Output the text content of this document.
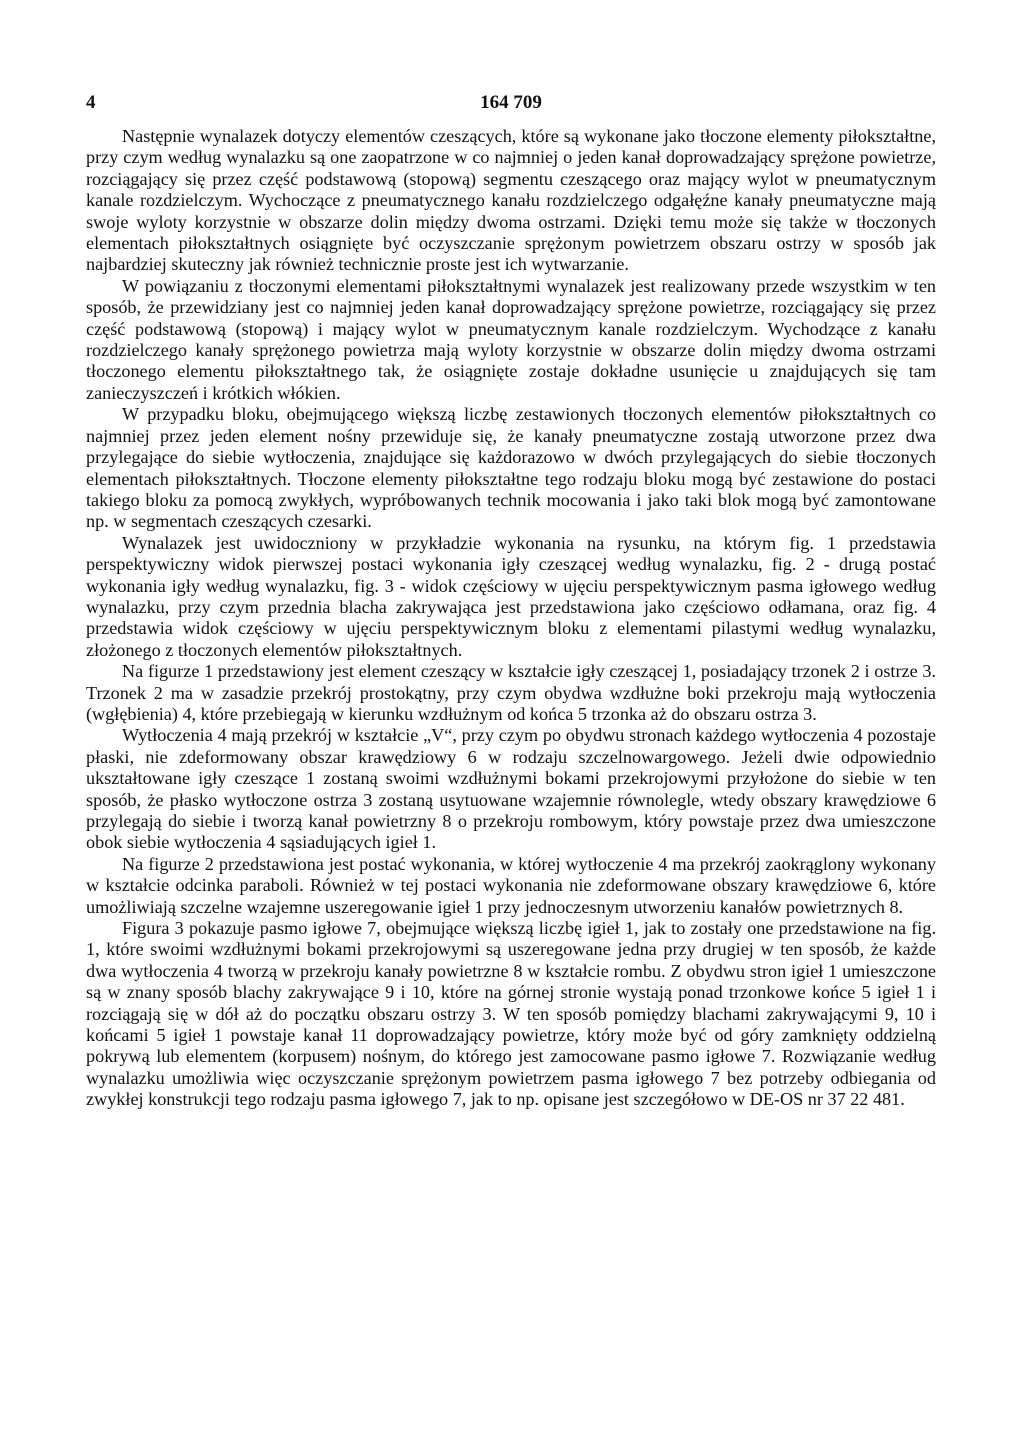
4	164 709

Następnie wynalazek dotyczy elementów czeszących, które są wykonane jako tłoczone elementy piłokształtne, przy czym według wynalazku są one zaopatrzone w co najmniej o jeden kanał doprowadzający sprężone powietrze, rozciągający się przez część podstawową (stopową) segmentu czeszącego oraz mający wylot w pneumatycznym kanale rozdzielczym. Wychoczące z pneumatycznego kanału rozdzielczego odgałęźne kanały pneumatyczne mają swoje wyloty korzystnie w obszarze dolin między dwoma ostrzami. Dzięki temu może się także w tłoczonych elementach piłokształtnych osiągnięte być oczyszczanie sprężonym powietrzem obszaru ostrzy w sposób jak najbardziej skuteczny jak również technicznie proste jest ich wytwarzanie.

W powiązaniu z tłoczonymi elementami piłokształtnymi wynalazek jest realizowany przede wszystkim w ten sposób, że przewidziany jest co najmniej jeden kanał doprowadzający sprężone powietrze, rozciągający się przez część podstawową (stopową) i mający wylot w pneumatycznym kanale rozdzielczym. Wychodzące z kanału rozdzielczego kanały sprężonego powietrza mają wyloty korzystnie w obszarze dolin między dwoma ostrzami tłoczonego elementu piłokształtnego tak, że osiągnięte zostaje dokładne usunięcie u znajdujących się tam zanieczyszczeń i krótkich włókien.

W przypadku bloku, obejmującego większą liczbę zestawionych tłoczonych elementów piłokształtnych co najmniej przez jeden element nośny przewiduje się, że kanały pneumatyczne zostają utworzone przez dwa przylegające do siebie wytłoczenia, znajdujące się każdorazowo w dwóch przylegających do siebie tłoczonych elementach piłokształtnych. Tłoczone elementy piłokształtne tego rodzaju bloku mogą być zestawione do postaci takiego bloku za pomocą zwykłych, wypróbowanych technik mocowania i jako taki blok mogą być zamontowane np. w segmentach czeszących czesarki.

Wynalazek jest uwidoczniony w przykładzie wykonania na rysunku, na którym fig. 1 przedstawia perspektywiczny widok pierwszej postaci wykonania igły czeszącej według wynalazku, fig. 2 - drugą postać wykonania igły według wynalazku, fig. 3 - widok częściowy w ujęciu perspektywicznym pasma igłowego według wynalazku, przy czym przednia blacha zakrywająca jest przedstawiona jako częściowo odłamana, oraz fig. 4 przedstawia widok częściowy w ujęciu perspektywicznym bloku z elementami pilastymi według wynalazku, złożonego z tłoczonych elementów piłokształtnych.

Na figurze 1 przedstawiony jest element czeszący w kształcie igły czeszącej 1, posiadający trzonek 2 i ostrze 3. Trzonek 2 ma w zasadzie przekrój prostokątny, przy czym obydwa wzdłużne boki przekroju mają wytłoczenia (wgłębienia) 4, które przebiegają w kierunku wzdłużnym od końca 5 trzonka aż do obszaru ostrza 3.

Wytłoczenia 4 mają przekrój w kształcie „V“, przy czym po obydwu stronach każdego wytłoczenia 4 pozostaje płaski, nie zdeformowany obszar krawędziowy 6 w rodzaju szczelnowargowego. Jeżeli dwie odpowiednio ukształtowane igły czeszące 1 zostaną swoimi wzdłużnymi bokami przekrojowymi przyłożone do siebie w ten sposób, że płasko wytłoczone ostrza 3 zostaną usytuowane wzajemnie równolegle, wtedy obszary krawędziowe 6 przylegają do siebie i tworzą kanał powietrzny 8 o przekroju rombowym, który powstaje przez dwa umieszczone obok siebie wytłoczenia 4 sąsiadujących igieł 1.

Na figurze 2 przedstawiona jest postać wykonania, w której wytłoczenie 4 ma przekrój zaokrąglony wykonany w kształcie odcinka paraboli. Również w tej postaci wykonania nie zdeformowane obszary krawędziowe 6, które umożliwiają szczelne wzajemne uszeregowanie igieł 1 przy jednoczesnym utworzeniu kanałów powietrznych 8.

Figura 3 pokazuje pasmo igłowe 7, obejmujące większą liczbę igieł 1, jak to zostały one przedstawione na fig. 1, które swoimi wzdłużnymi bokami przekrojowymi są uszeregowane jedna przy drugiej w ten sposób, że każde dwa wytłoczenia 4 tworzą w przekroju kanały powietrzne 8 w kształcie rombu. Z obydwu stron igieł 1 umieszczone są w znany sposób blachy zakrywające 9 i 10, które na górnej stronie wystają ponad trzonkowe końce 5 igieł 1 i rozciągają się w dół aż do początku obszaru ostrzy 3. W ten sposób pomiędzy blachami zakrywającymi 9, 10 i końcami 5 igieł 1 powstaje kanał 11 doprowadzający powietrze, który może być od góry zamknięty oddzielną pokrywą lub elementem (korpusem) nośnym, do którego jest zamocowane pasmo igłowe 7. Rozwiązanie według wynalazku umożliwia więc oczyszczanie sprężonym powietrzem pasma igłowego 7 bez potrzeby odbiegania od zwykłej konstrukcji tego rodzaju pasma igłowego 7, jak to np. opisane jest szczegółowo w DE-OS nr 37 22 481.
